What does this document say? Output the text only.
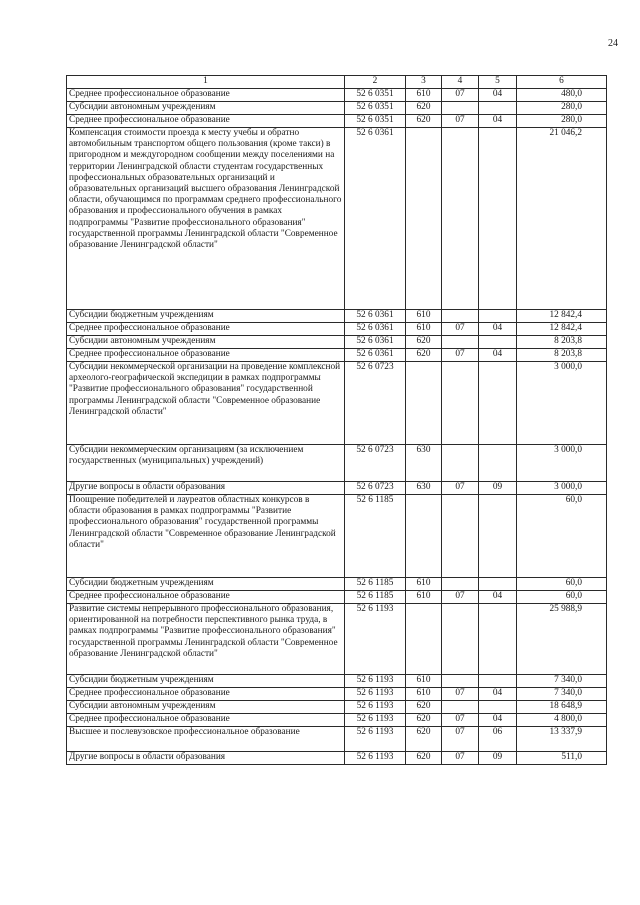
24
1	2	3	4	5	6
Среднее профессиональное образование	52 6 0351	610	07	04	480,0
Субсидии автономным учреждениям	52 6 0351	620			280,0
Среднее профессиональное образование	52 6 0351	620	07	04	280,0
Компенсация стоимости проезда к месту учебы и обратно автомобильным транспортом общего пользования (кроме такси) в пригородном и междугородном сообщении между поселениями на территории Ленинградской области студентам государственных профессиональных образовательных организаций и образовательных организаций высшего образования Ленинградской области, обучающимся по программам среднего профессионального образования и профессионального обучения в рамках подпрограммы "Развитие профессионального образования" государственной программы Ленинградской области "Современное образование Ленинградской области"	52 6 0361				21 046,2
Субсидии бюджетным учреждениям	52 6 0361	610			12 842,4
Среднее профессиональное образование	52 6 0361	610	07	04	12 842,4
Субсидии автономным учреждениям	52 6 0361	620			8 203,8
Среднее профессиональное образование	52 6 0361	620	07	04	8 203,8
Субсидии некоммерческой организации на проведение комплексной археолого-географической экспедиции в рамках подпрограммы "Развитие профессионального образования" государственной программы Ленинградской области "Современное образование Ленинградской области"	52 6 0723				3 000,0
Субсидии некоммерческим организациям (за исключением государственных (муниципальных) учреждений)	52 6 0723	630			3 000,0
Другие вопросы в области образования	52 6 0723	630	07	09	3 000,0
Поощрение победителей и лауреатов областных конкурсов в области образования в рамках подпрограммы "Развитие профессионального образования" государственной программы Ленинградской области "Современное образование Ленинградской области"	52 6 1185				60,0
Субсидии бюджетным учреждениям	52 6 1185	610			60,0
Среднее профессиональное образование	52 6 1185	610	07	04	60,0
Развитие системы непрерывного профессионального образования, ориентированной на потребности перспективного рынка труда, в рамках подпрограммы "Развитие профессионального образования" государственной программы Ленинградской области "Современное образование Ленинградской области"	52 6 1193				25 988,9
Субсидии бюджетным учреждениям	52 6 1193	610			7 340,0
Среднее профессиональное образование	52 6 1193	610	07	04	7 340,0
Субсидии автономным учреждениям	52 6 1193	620			18 648,9
Среднее профессиональное образование	52 6 1193	620	07	04	4 800,0
Высшее и послевузовское профессиональное образование	52 6 1193	620	07	06	13 337,9
Другие вопросы в области образования	52 6 1193	620	07	09	511,0
